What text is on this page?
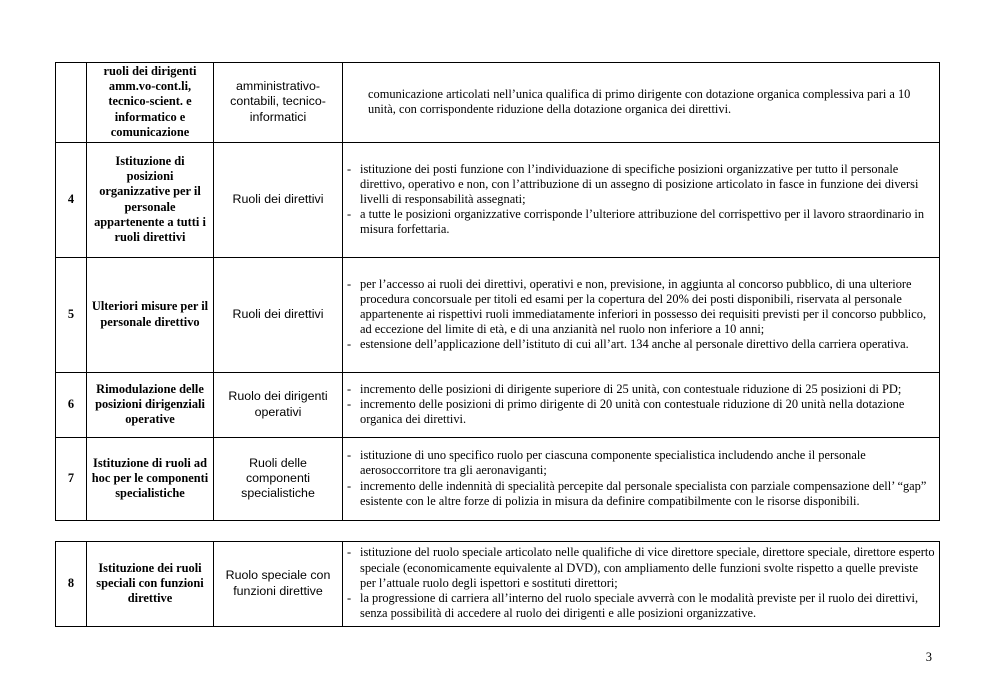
	ruoli dei dirigenti amm.vo-cont.li, tecnico-scient. e informatico e comunicazione	amministrativo-contabili, tecnico-informatici	comunicazione articolati nell’unica qualifica di primo dirigente con dotazione organica complessiva pari a 10 unità, con corrispondente riduzione della dotazione organica dei direttivi.

4	Istituzione di posizioni organizzative per il personale appartenente a tutti i ruoli direttivi	Ruoli dei direttivi	- istituzione dei posti funzione con l’individuazione di specifiche posizioni organizzative per tutto il personale direttivo, operativo e non, con l’attribuzione di un assegno di posizione articolato in fasce in funzione dei diversi livelli di responsabilità assegnati;
- a tutte le posizioni organizzative corrisponde l’ulteriore attribuzione del corrispettivo per il lavoro straordinario in misura forfettaria.

5	Ulteriori misure per il personale direttivo	Ruoli dei direttivi	- per l’accesso ai ruoli dei direttivi, operativi e non, previsione, in aggiunta al concorso pubblico, di una ulteriore procedura concorsuale per titoli ed esami per la copertura del 20% dei posti disponibili, riservata al personale appartenente ai rispettivi ruoli immediatamente inferiori in possesso dei requisiti previsti per il concorso pubblico, ad eccezione del limite di età, e di una anzianità nel ruolo non inferiore a 10 anni;
- estensione dell’applicazione dell’istituto di cui all’art. 134 anche al personale direttivo della carriera operativa.

6	Rimodulazione delle posizioni dirigenziali operative	Ruolo dei dirigenti operativi	- incremento delle posizioni di dirigente superiore di 25 unità, con contestuale riduzione di 25 posizioni di PD;
- incremento delle posizioni di primo dirigente di 20 unità con contestuale riduzione di 20 unità nella dotazione organica dei direttivi.

7	Istituzione di ruoli ad hoc per le componenti specialistiche	Ruoli delle componenti specialistiche	- istituzione di uno specifico ruolo per ciascuna componente specialistica includendo anche il personale aerosoccorritore tra gli aeronaviganti;
- incremento delle indennità di specialità percepite dal personale specialista con parziale compensazione dell’ “gap” esistente con le altre forze di polizia in misura da definire compatibilmente con le risorse disponibili.
8	Istituzione dei ruoli speciali con funzioni direttive	Ruolo speciale con funzioni direttive	
- istituzione del ruolo speciale articolato nelle qualifiche di vice direttore speciale, direttore speciale, direttore esperto speciale (economicamente equivalente al DVD), con ampliamento delle funzioni svolte rispetto a quelle previste per l’attuale ruolo degli ispettori e sostituti direttori;
- la progressione di carriera all’interno del ruolo speciale avverrà con le modalità previste per il ruolo dei direttivi, senza possibilità di accedere al ruolo dei dirigenti e alle posizioni organizzative.
3
